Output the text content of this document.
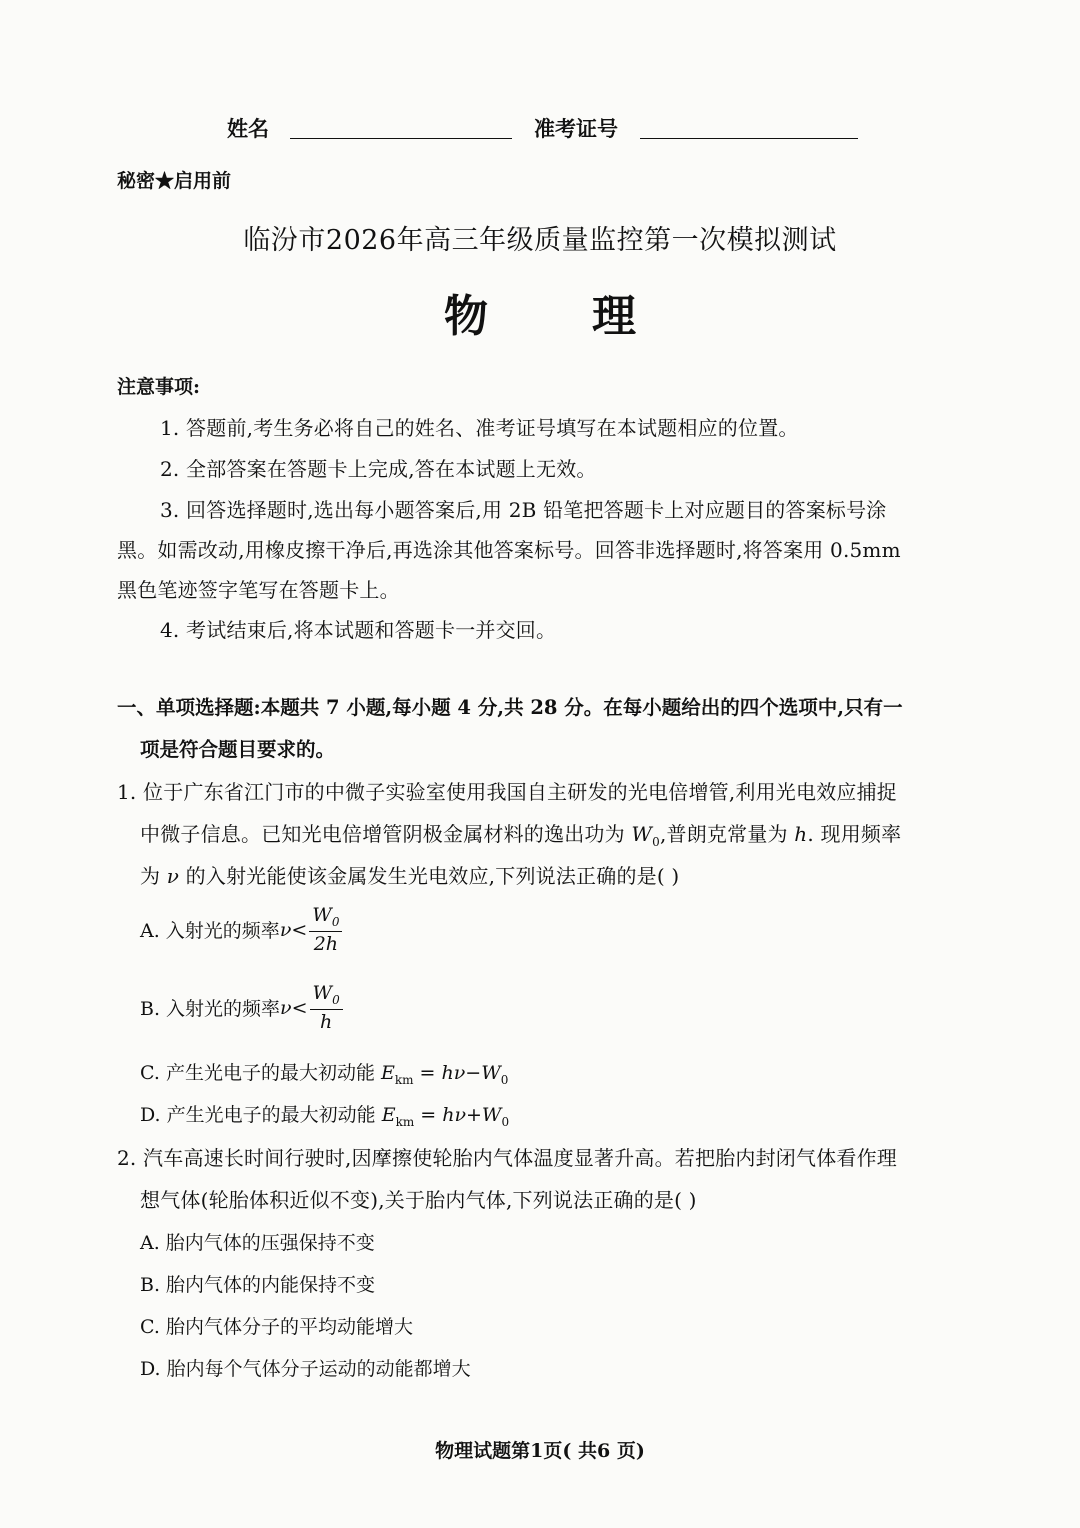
姓名	准考证号
秘密★启用前
临汾市2026年高三年级质量监控第一次模拟测试
物 理
注意事项:
1. 答题前,考生务必将自己的姓名、准考证号填写在本试题相应的位置。
2. 全部答案在答题卡上完成,答在本试题上无效。
3. 回答选择题时,选出每小题答案后,用 2B 铅笔把答题卡上对应题目的答案标号涂
黑。如需改动,用橡皮擦干净后,再选涂其他答案标号。回答非选择题时,将答案用 0.5mm
黑色笔迹签字笔写在答题卡上。
4. 考试结束后,将本试题和答题卡一并交回。
一、单项选择题:本题共 7 小题,每小题 4 分,共 28 分。在每小题给出的四个选项中,只有一
项是符合题目要求的。
1. 位于广东省江门市的中微子实验室使用我国自主研发的光电倍增管,利用光电效应捕捉
中微子信息。已知光电倍增管阴极金属材料的逸出功为 $W_0$,普朗克常量为 h. 现用频率
为 ν 的入射光能使该金属发生光电效应,下列说法正确的是( )
A. 入射光的频率 $\nu< \frac{W_0}{2h}$
B. 入射光的频率 $\nu< \frac{W_0}{h}$
C. 产生光电子的最大初动能 $E_{km} = h\nu-W_0$
D. 产生光电子的最大初动能 $E_{km} = h\nu+W_0$
2. 汽车高速长时间行驶时,因摩擦使轮胎内气体温度显著升高。若把胎内封闭气体看作理
想气体(轮胎体积近似不变),关于胎内气体,下列说法正确的是( )
A. 胎内气体的压强保持不变
B. 胎内气体的内能保持不变
C. 胎内气体分子的平均动能增大
D. 胎内每个气体分子运动的动能都增大
物理试题第1页( 共6 页)
